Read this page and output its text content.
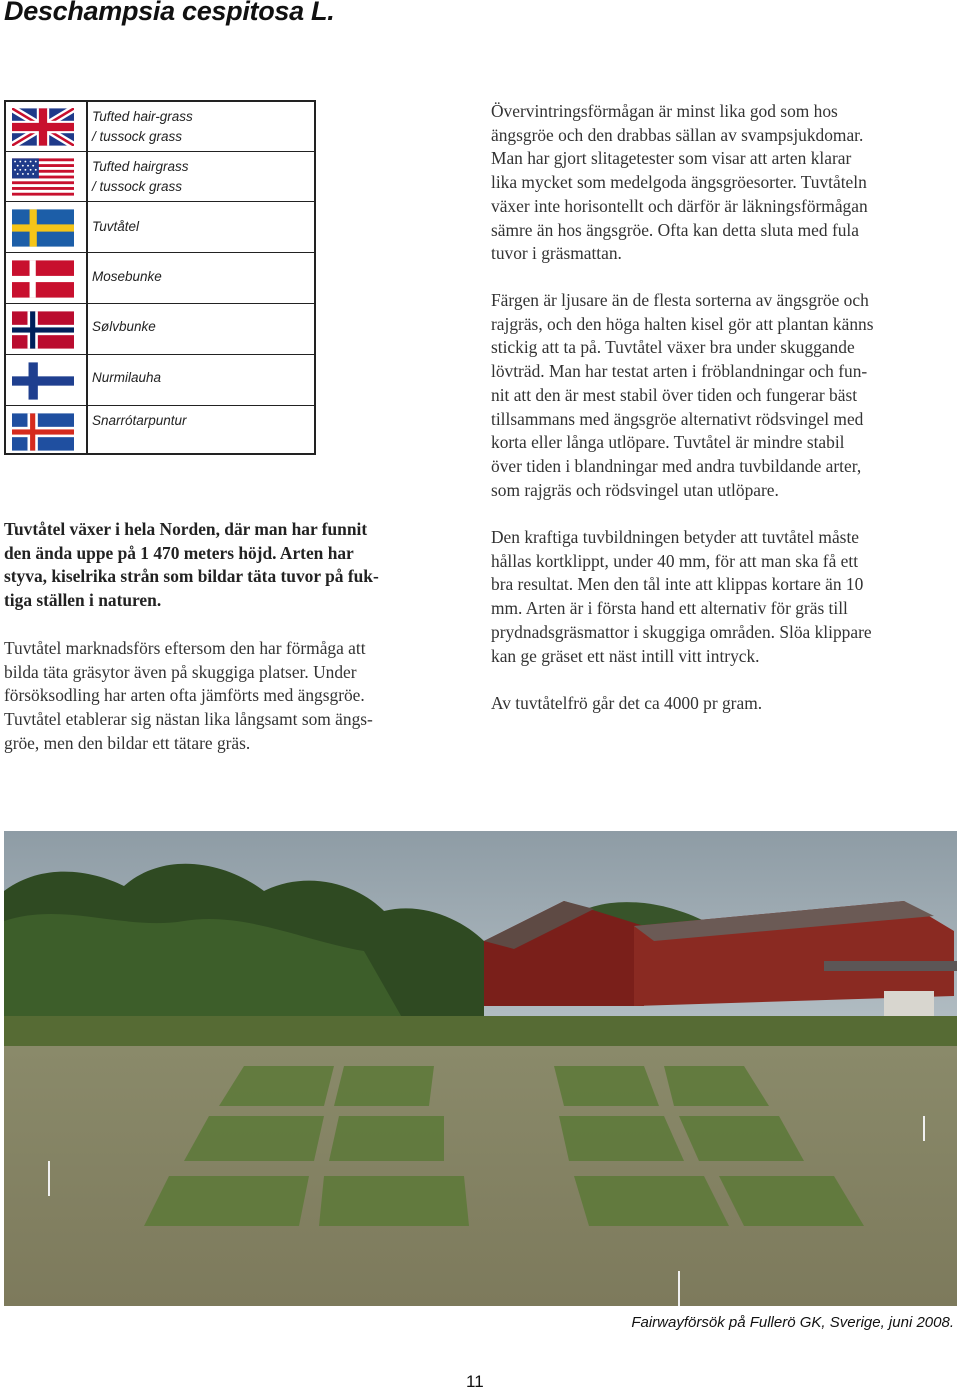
Deschampsia cespitosa L.
Tufted hair-grass
/ tussock grass
Tufted hairgrass
/ tussock grass
Tuvtåtel
Mosebunke
Sølvbunke
Nurmilauha
Snarrótarpuntur
Tuvtåtel växer i hela Norden, där man har funnit
den ända uppe på 1 470 meters höjd. Arten har
styva, kiselrika strån som bildar täta tuvor på fuk-
tiga ställen i naturen.
Tuvtåtel marknadsförs eftersom den har förmåga att
bilda täta gräsytor även på skuggiga platser. Under
försöksodling har arten ofta jämförts med ängsgröe.
Tuvtåtel etablerar sig nästan lika långsamt som ängs-
gröe, men den bildar ett tätare gräs.
Övervintringsförmågan är minst lika god som hos
ängsgröe och den drabbas sällan av svampsjukdomar.
Man har gjort slitagetester som visar att arten klarar
lika mycket som medelgoda ängsgröesorter. Tuvtåteln
växer inte horisontellt och därför är läkningsförmågan
sämre än hos ängsgröe. Ofta kan detta sluta med fula
tuvor i gräsmattan.
Färgen är ljusare än de flesta sorterna av ängsgröe och
rajgräs, och den höga halten kisel gör att plantan känns
stickig att ta på. Tuvtåtel växer bra under skuggande
lövträd. Man har testat arten i fröblandningar och fun-
nit att den är mest stabil över tiden och fungerar bäst
tillsammans med ängsgröe alternativt rödsvingel med
korta eller långa utlöpare. Tuvtåtel är mindre stabil
över tiden i blandningar med andra tuvbildande arter,
som rajgräs och rödsvingel utan utlöpare.
Den kraftiga tuvbildningen betyder att tuvtåtel måste
hållas kortklippt, under 40 mm, för att man ska få ett
bra resultat. Men den tål inte att klippas kortare än 10
mm. Arten är i första hand ett alternativ för gräs till
prydnadsgräsmattor i skuggiga områden. Slöa klippare
kan ge gräset ett näst intill vitt intryck.
Av tuvtåtelfrö går det ca 4000 pr gram.
Fairwayförsök på Fullerö GK, Sverige, juni 2008.
11
